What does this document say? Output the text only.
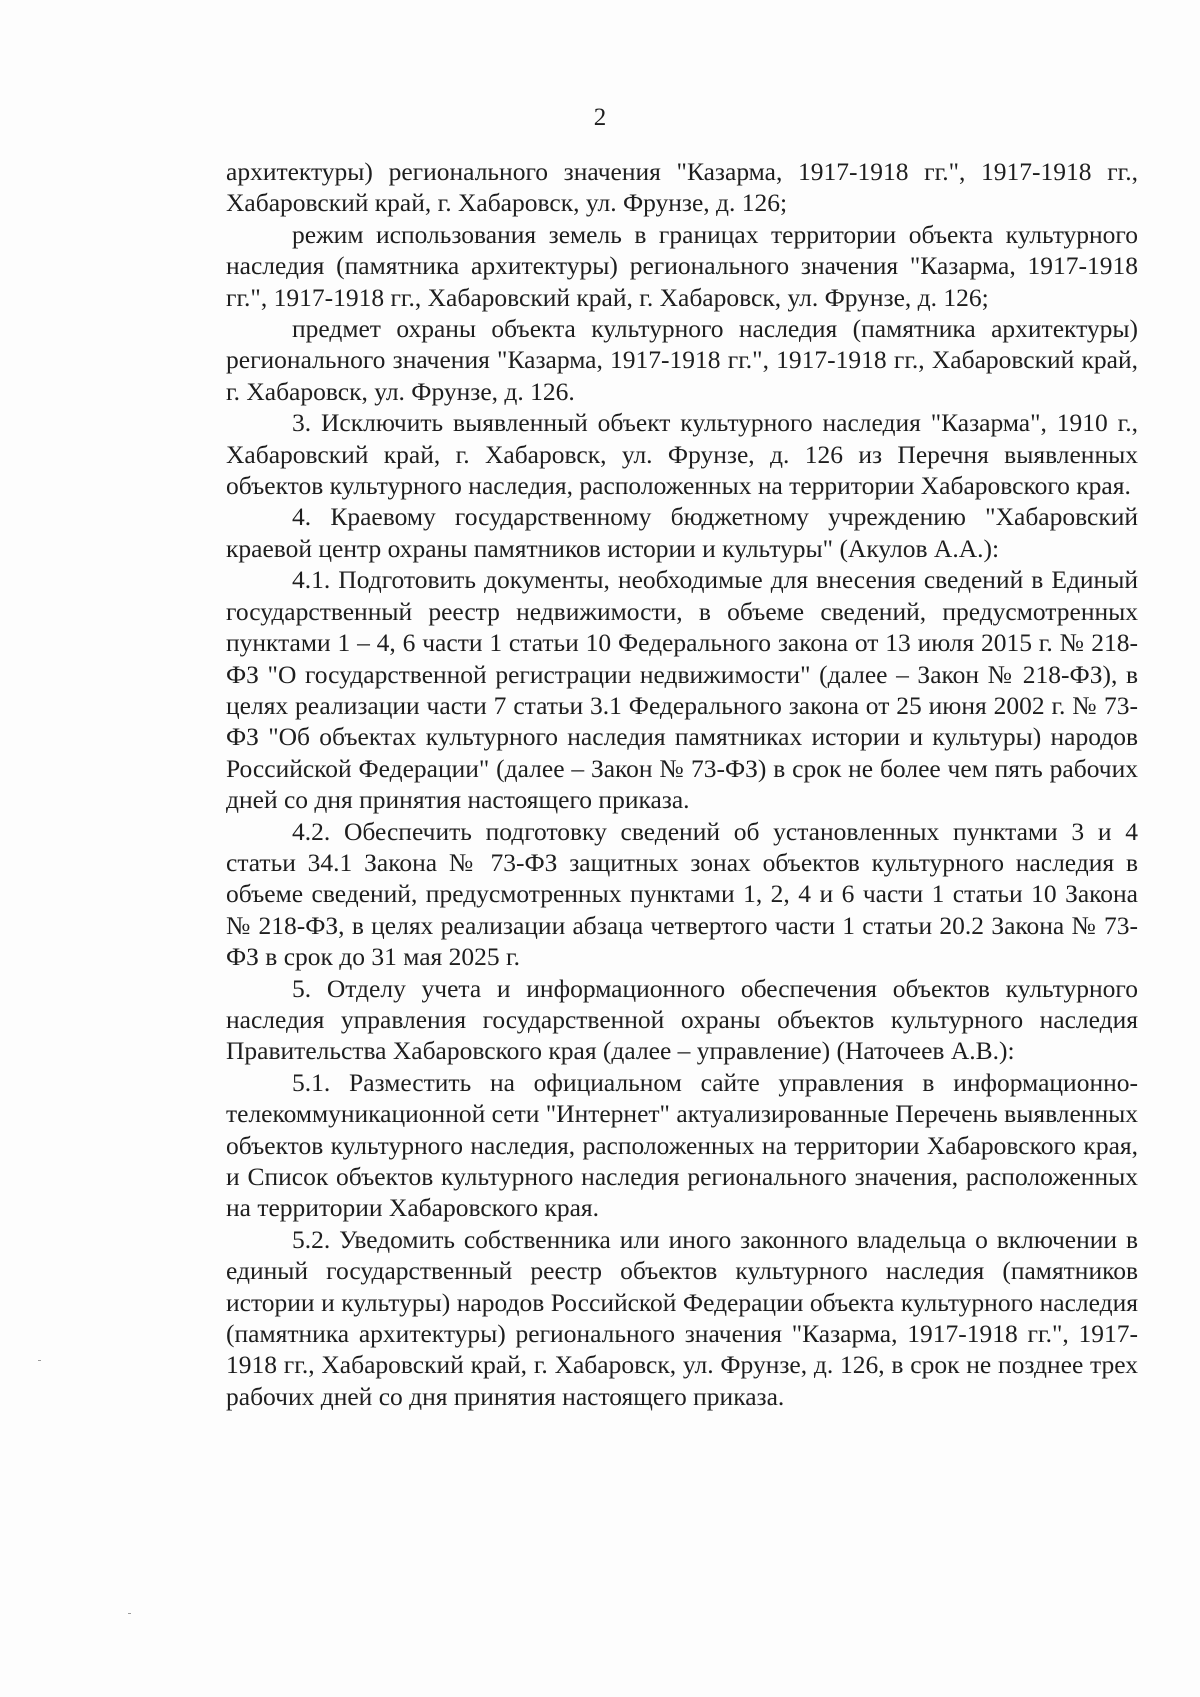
2

архитектуры) регионального значения "Казарма, 1917-1918 гг.", 1917-1918 гг., Хабаровский край, г. Хабаровск, ул. Фрунзе, д. 126;

режим использования земель в границах территории объекта культурного наследия (памятника архитектуры) регионального значения "Казарма, 1917-1918 гг.", 1917-1918 гг., Хабаровский край, г. Хабаровск, ул. Фрунзе, д. 126;

предмет охраны объекта культурного наследия (памятника архитектуры) регионального значения "Казарма, 1917-1918 гг.", 1917-1918 гг., Хабаровский край, г. Хабаровск, ул. Фрунзе, д. 126.

3. Исключить выявленный объект культурного наследия "Казарма", 1910 г., Хабаровский край, г. Хабаровск, ул. Фрунзе, д. 126 из Перечня выявленных объектов культурного наследия, расположенных на территории Хабаровского края.

4. Краевому государственному бюджетному учреждению "Хабаровский краевой центр охраны памятников истории и культуры" (Акулов А.А.):

4.1. Подготовить документы, необходимые для внесения сведений в Единый государственный реестр недвижимости, в объеме сведений, предусмотренных пунктами 1 – 4, 6 части 1 статьи 10 Федерального закона от 13 июля 2015 г. № 218-ФЗ "О государственной регистрации недвижимости" (далее – Закон № 218-ФЗ), в целях реализации части 7 статьи 3.1 Федерального закона от 25 июня 2002 г. № 73-ФЗ "Об объектах культурного наследия памятниках истории и культуры) народов Российской Федерации" (далее – Закон № 73-ФЗ) в срок не более чем пять рабочих дней со дня принятия настоящего приказа.

4.2. Обеспечить подготовку сведений об установленных пунктами 3 и 4 статьи 34.1 Закона № 73-ФЗ защитных зонах объектов культурного наследия в объеме сведений, предусмотренных пунктами 1, 2, 4 и 6 части 1 статьи 10 Закона № 218-ФЗ, в целях реализации абзаца четвертого части 1 статьи 20.2 Закона № 73-ФЗ в срок до 31 мая 2025 г.

5. Отделу учета и информационного обеспечения объектов культурного наследия управления государственной охраны объектов культурного наследия Правительства Хабаровского края (далее – управление) (Наточеев А.В.):

5.1. Разместить на официальном сайте управления в информационно-телекоммуникационной сети "Интернет" актуализированные Перечень выявленных объектов культурного наследия, расположенных на территории Хабаровского края, и Список объектов культурного наследия регионального значения, расположенных на территории Хабаровского края.

5.2. Уведомить собственника или иного законного владельца о включении в единый государственный реестр объектов культурного наследия (памятников истории и культуры) народов Российской Федерации объекта культурного наследия (памятника архитектуры) регионального значения "Казарма, 1917-1918 гг.", 1917-1918 гг., Хабаровский край, г. Хабаровск, ул. Фрунзе, д. 126, в срок не позднее трех рабочих дней со дня принятия настоящего приказа.
